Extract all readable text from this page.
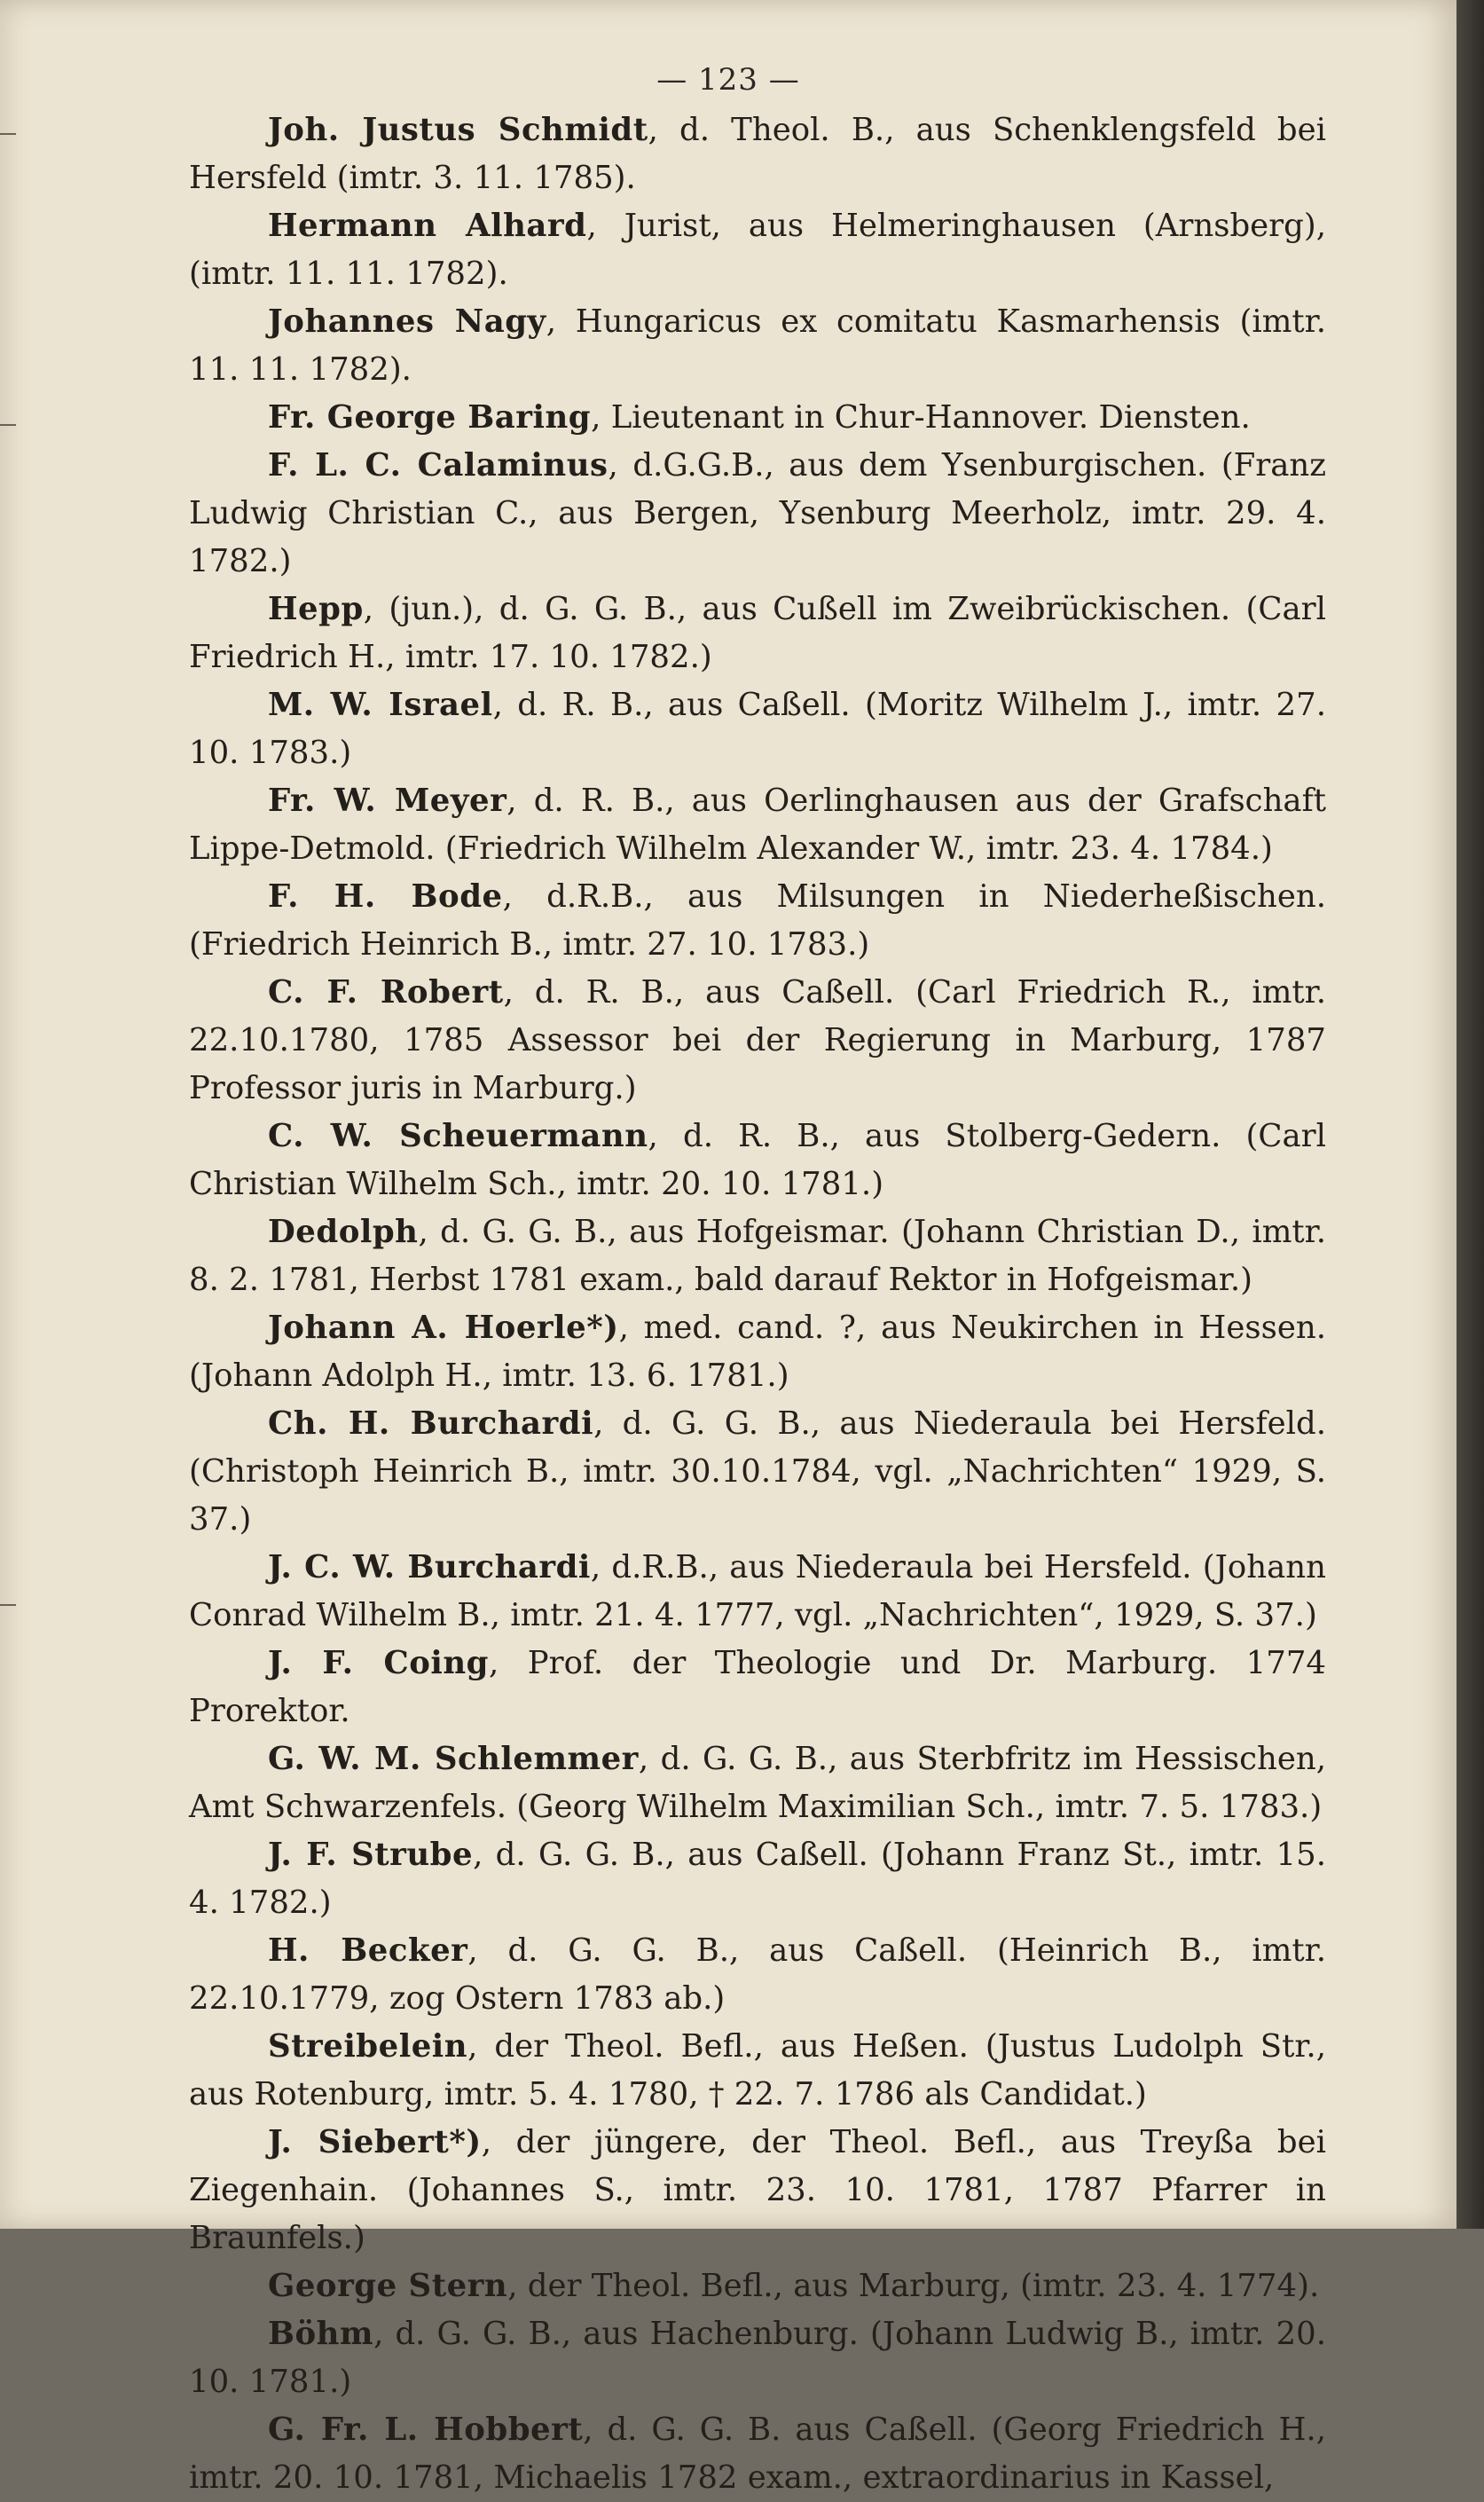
— 123 —

Joh. Justus Schmidt, d. Theol. B., aus Schenklengsfeld bei Hersfeld (imtr. 3. 11. 1785).

Hermann Alhard, Jurist, aus Helmeringhausen (Arnsberg), (imtr. 11. 11. 1782).

Johannes Nagy, Hungaricus ex comitatu Kasmarhensis (imtr. 11. 11. 1782).

Fr. George Baring, Lieutenant in Chur-Hannover. Diensten.

F. L. C. Calaminus, d.G.G.B., aus dem Ysenburgischen. (Franz Ludwig Christian C., aus Bergen, Ysenburg Meerholz, imtr. 29. 4. 1782.)

Hepp, (jun.), d. G. G. B., aus Cußell im Zweibrückischen. (Carl Friedrich H., imtr. 17. 10. 1782.)

M. W. Israel, d. R. B., aus Caßell. (Moritz Wilhelm J., imtr. 27. 10. 1783.)

Fr. W. Meyer, d. R. B., aus Oerlinghausen aus der Grafschaft Lippe-Detmold. (Friedrich Wilhelm Alexander W., imtr. 23. 4. 1784.)

F. H. Bode, d.R.B., aus Milsungen in Niederheßischen. (Friedrich Heinrich B., imtr. 27. 10. 1783.)

C. F. Robert, d. R. B., aus Caßell. (Carl Friedrich R., imtr. 22.10.1780, 1785 Assessor bei der Regierung in Marburg, 1787 Professor juris in Marburg.)

C. W. Scheuermann, d. R. B., aus Stolberg-Gedern. (Carl Christian Wilhelm Sch., imtr. 20. 10. 1781.)

Dedolph, d. G. G. B., aus Hofgeismar. (Johann Christian D., imtr. 8. 2. 1781, Herbst 1781 exam., bald darauf Rektor in Hofgeismar.)

Johann A. Hoerle*), med. cand. ?, aus Neukirchen in Hessen. (Johann Adolph H., imtr. 13. 6. 1781.)

Ch. H. Burchardi, d. G. G. B., aus Niederaula bei Hersfeld. (Christoph Heinrich B., imtr. 30.10.1784, vgl. „Nachrichten“ 1929, S. 37.)

J. C. W. Burchardi, d.R.B., aus Niederaula bei Hersfeld. (Johann Conrad Wilhelm B., imtr. 21. 4. 1777, vgl. „Nachrichten“, 1929, S. 37.)

J. F. Coing, Prof. der Theologie und Dr. Marburg. 1774 Prorektor.

G. W. M. Schlemmer, d. G. G. B., aus Sterbfritz im Hessischen, Amt Schwarzenfels. (Georg Wilhelm Maximilian Sch., imtr. 7. 5. 1783.)

J. F. Strube, d. G. G. B., aus Caßell. (Johann Franz St., imtr. 15. 4. 1782.)

H. Becker, d. G. G. B., aus Caßell. (Heinrich B., imtr. 22.10.1779, zog Ostern 1783 ab.)

Streibelein, der Theol. Befl., aus Heßen. (Justus Ludolph Str., aus Rotenburg, imtr. 5. 4. 1780, † 22. 7. 1786 als Candidat.)

J. Siebert*), der jüngere, der Theol. Befl., aus Treyßa bei Ziegenhain. (Johannes S., imtr. 23. 10. 1781, 1787 Pfarrer in Braunfels.)

George Stern, der Theol. Befl., aus Marburg, (imtr. 23. 4. 1774).

Böhm, d. G. G. B., aus Hachenburg. (Johann Ludwig B., imtr. 20. 10. 1781.)

G. Fr. L. Hobbert, d. G. G. B. aus Caßell. (Georg Friedrich H., imtr. 20. 10. 1781, Michaelis 1782 exam., extraordinarius in Kassel,
